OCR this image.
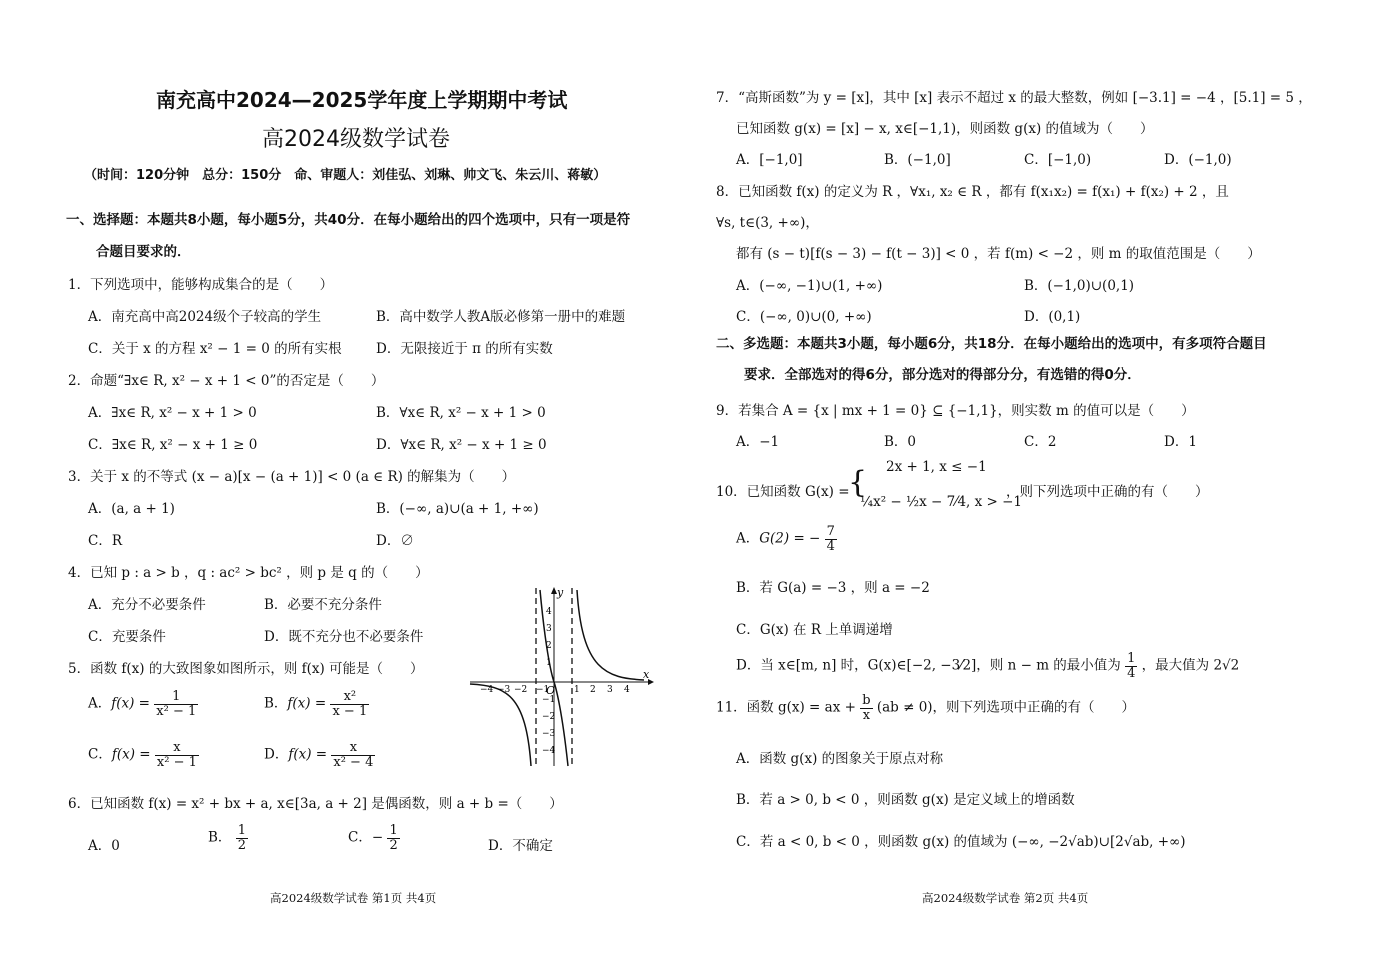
南充高中2024—2025学年度上学期期中考试
高2024级数学试卷
（时间：120分钟　总分：150分　命、审题人：刘佳弘、刘琳、帅文飞、朱云川、蒋敏）
一、选择题：本题共8小题，每小题5分，共40分．在每小题给出的四个选项中，只有一项是符
合题目要求的．
1．下列选项中，能够构成集合的是（　　）
A．南充高中高2024级个子较高的学生	B．高中数学人教A版必修第一册中的难题
C．关于 x 的方程 x² − 1 = 0 的所有实根	D．无限接近于 π 的所有实数
2．命题“∃x∈ R, x² − x + 1 < 0”的否定是（　　）
A．∃x∈ R, x² − x + 1 > 0	B．∀x∈ R, x² − x + 1 > 0
C．∃x∈ R, x² − x + 1 ≥ 0	D．∀x∈ R, x² − x + 1 ≥ 0
3．关于 x 的不等式 (x − a)[x − (a + 1)] < 0 (a ∈ R) 的解集为（　　）
A．(a, a + 1)	B．(−∞, a)∪(a + 1, +∞)
C．R	D．∅
4．已知 p : a > b ，q : ac² > bc² ，则 p 是 q 的（　　）
A．充分不必要条件	B．必要不充分条件
C．充要条件	D．既不充分也不必要条件
5．函数 f(x) 的大致图象如图所示，则 f(x) 可能是（　　）
A．$f(x) = \frac{1}{\text{x² − 1}}$	B．$f(x) = \frac{\text{x²}}{x - 1}$
C．$f(x) = \frac{x}{\text{x² − 1}}$	D．$f(x) = \frac{x}{\text{x² − 4}}$
x
y
O
−4 −3 −2 −1	1 2 3 4
4
3
2
1
−1
−2
−3
−4
6．已知函数 f(x) = x² + bx + a, x∈[3a, a + 2] 是偶函数，则 a + b =（　　）
A．0
B． $\frac{1}{2}$	C．− $\frac{1}{2}$	D．不确定
高2024级数学试卷 第1页 共4页
7．“高斯函数”为 y = [x]，其中 [x] 表示不超过 x 的最大整数，例如 [−3.1] = −4 ，[5.1] = 5 ，
已知函数 g(x) = [x] − x, x∈[−1,1)，则函数 g(x) 的值域为（　　）
A．[−1,0]	B．(−1,0]	C．[−1,0)	D．(−1,0)
8．已知函数 f(x) 的定义为 R ，∀x₁, x₂ ∈ R ，都有 f(x₁x₂) = f(x₁) + f(x₂) + 2 ，且
∀s, t∈(3, +∞)，
都有 (s − t)[f(s − 3) − f(t − 3)] < 0 ，若 f(m) < −2 ，则 m 的取值范围是（　　）
A．(−∞, −1)∪(1, +∞)	B．(−1,0)∪(0,1)
C．(−∞, 0)∪(0, +∞)	D．(0,1)
二、多选题：本题共3小题，每小题6分，共18分．在每小题给出的选项中，有多项符合题目
要求．全部选对的得6分，部分选对的得部分分，有选错的得0分．
9．若集合 A = {x | mx + 1 = 0} ⊆ {−1,1}，则实数 m 的值可以是（　　）
A．−1	B．0	C．2	D．1
10．已知函数 G(x) =
{ 2x + 1, x ≤ −1
¼x² − ½x − 7⁄4, x > −1
，则下列选项中正确的有（　　）
A．G(2) = − $\frac{7}{4}$
B．若 G(a) = −3 ，则 a = −2
C．G(x) 在 R 上单调递增
D．当 x∈[m, n] 时，G(x)∈[−2, −3⁄2]，则 n − m 的最小值为 $\frac{1}{4}$ ，最大值为 2√2
11．函数 g(x) = ax + $\frac{b}{x} (ab \ne 0)$，则下列选项中正确的有（　　）
A．函数 g(x) 的图象关于原点对称
B．若 a > 0, b < 0 ，则函数 g(x) 是定义域上的增函数
C．若 a < 0, b < 0 ，则函数 g(x) 的值域为 (−∞, −2√ab)∪[2√ab, +∞)
高2024级数学试卷 第2页 共4页
